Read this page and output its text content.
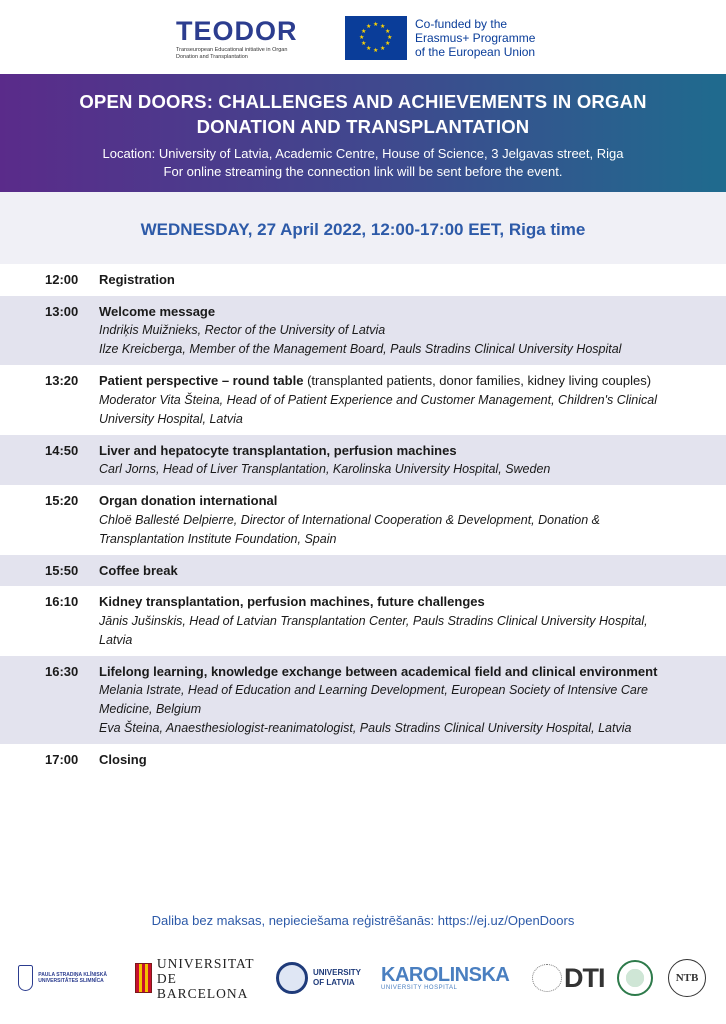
TEODOR
Transeuropean Educational initiative in Organ Donation and Transplantation
★ ★
★
★
★
★
★
★
★
★
★
★	Co-funded by the
Erasmus+ Programme
of the European Union
OPEN DOORS: CHALLENGES AND ACHIEVEMENTS IN ORGAN
DONATION AND TRANSPLANTATION
Location: University of Latvia, Academic Centre, House of Science, 3 Jelgavas street, Riga
For online streaming the connection link will be sent before the event.
WEDNESDAY, 27 April 2022, 12:00-17:00 EET, Riga time
12:00	Registration
13:00	Welcome message
Indriķis Muižnieks, Rector of the University of Latvia
Ilze Kreicberga, Member of the Management Board, Pauls Stradins Clinical University Hospital
13:20	Patient perspective – round table (transplanted patients, donor families, kidney living couples)
Moderator Vita Šteina, Head of of Patient Experience and Customer Management, Children's Clinical University Hospital, Latvia
14:50	Liver and hepatocyte transplantation, perfusion machines
Carl Jorns, Head of Liver Transplantation, Karolinska University Hospital, Sweden
15:20	Organ donation international
Chloë Ballesté Delpierre, Director of International Cooperation & Development, Donation & Transplantation Institute Foundation, Spain
15:50	Coffee break
16:10	Kidney transplantation, perfusion machines, future challenges
Jānis Jušinskis, Head of Latvian Transplantation Center, Pauls Stradins Clinical University Hospital, Latvia
16:30	Lifelong learning, knowledge exchange between academical field and clinical environment
Melania Istrate, Head of Education and Learning Development, European Society of Intensive Care Medicine, Belgium
Eva Šteina, Anaesthesiologist-reanimatologist, Pauls Stradins Clinical University Hospital, Latvia
17:00	Closing
Daliba bez maksas, nepieciešama reģistrēšanās: https://ej.uz/OpenDoors
PAULA STRADIŅA KLĪNISKĀ UNIVERSITĀTES SLIMNĪCA
UNIVERSITAT DE
BARCELONA
UNIVERSITY
OF LATVIA	KAROLINSKA
UNIVERSITY HOSPITAL	DTI	NTB
